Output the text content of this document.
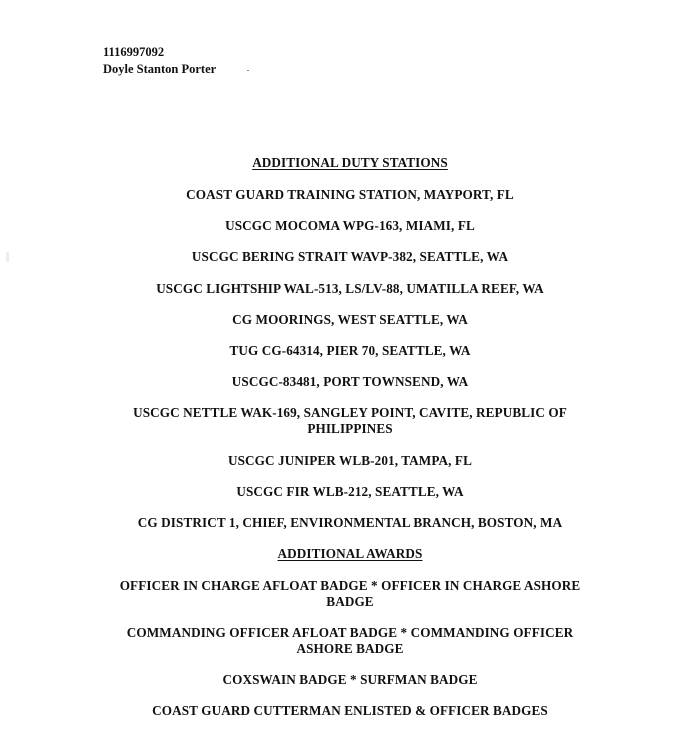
1116997092
Doyle Stanton Porter
ADDITIONAL DUTY STATIONS
COAST GUARD TRAINING STATION, MAYPORT, FL
USCGC MOCOMA WPG-163, MIAMI, FL
USCGC BERING STRAIT WAVP-382, SEATTLE, WA
USCGC LIGHTSHIP WAL-513, LS/LV-88, UMATILLA REEF, WA
CG MOORINGS, WEST SEATTLE, WA
TUG CG-64314, PIER 70, SEATTLE, WA
USCGC-83481, PORT TOWNSEND, WA
USCGC NETTLE WAK-169, SANGLEY POINT, CAVITE, REPUBLIC OF PHILIPPINES
USCGC JUNIPER WLB-201, TAMPA, FL
USCGC FIR WLB-212, SEATTLE, WA
CG DISTRICT 1, CHIEF, ENVIRONMENTAL BRANCH, BOSTON, MA
ADDITIONAL AWARDS
OFFICER IN CHARGE AFLOAT BADGE * OFFICER IN CHARGE ASHORE BADGE
COMMANDING OFFICER AFLOAT BADGE * COMMANDING OFFICER ASHORE BADGE
COXSWAIN BADGE * SURFMAN BADGE
COAST GUARD CUTTERMAN ENLISTED & OFFICER BADGES
